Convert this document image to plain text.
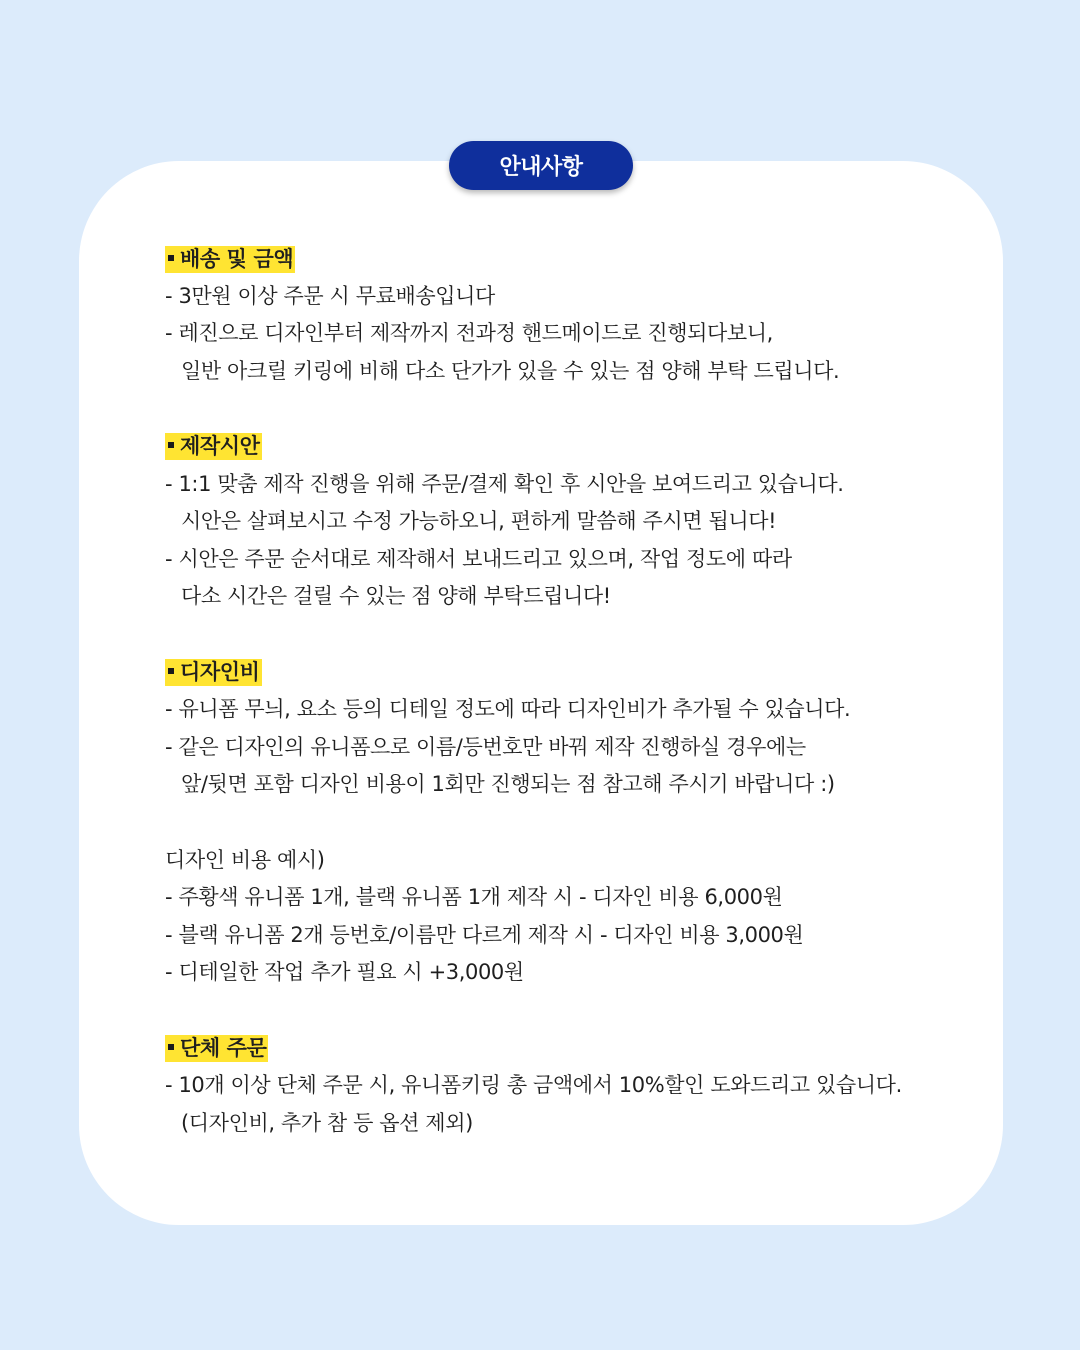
안내사항
배송 및 금액
- 3만원 이상 주문 시 무료배송입니다
- 레진으로 디자인부터 제작까지 전과정 핸드메이드로 진행되다보니,
일반 아크릴 키링에 비해 다소 단가가 있을 수 있는 점 양해 부탁 드립니다.
제작시안
- 1:1 맞춤 제작 진행을 위해 주문/결제 확인 후 시안을 보여드리고 있습니다.
시안은 살펴보시고 수정 가능하오니, 편하게 말씀해 주시면 됩니다!
- 시안은 주문 순서대로 제작해서 보내드리고 있으며, 작업 정도에 따라
다소 시간은 걸릴 수 있는 점 양해 부탁드립니다!
디자인비
- 유니폼 무늬, 요소 등의 디테일 정도에 따라 디자인비가 추가될 수 있습니다.
- 같은 디자인의 유니폼으로 이름/등번호만 바꿔 제작 진행하실 경우에는
앞/뒷면 포함 디자인 비용이 1회만 진행되는 점 참고해 주시기 바랍니다 :)
디자인 비용 예시)
- 주황색 유니폼 1개, 블랙 유니폼 1개 제작 시 - 디자인 비용 6,000원
- 블랙 유니폼 2개 등번호/이름만 다르게 제작 시 - 디자인 비용 3,000원
- 디테일한 작업 추가 필요 시 +3,000원
단체 주문
- 10개 이상 단체 주문 시, 유니폼키링 총 금액에서 10%할인 도와드리고 있습니다.
(디자인비, 추가 참 등 옵션 제외)
